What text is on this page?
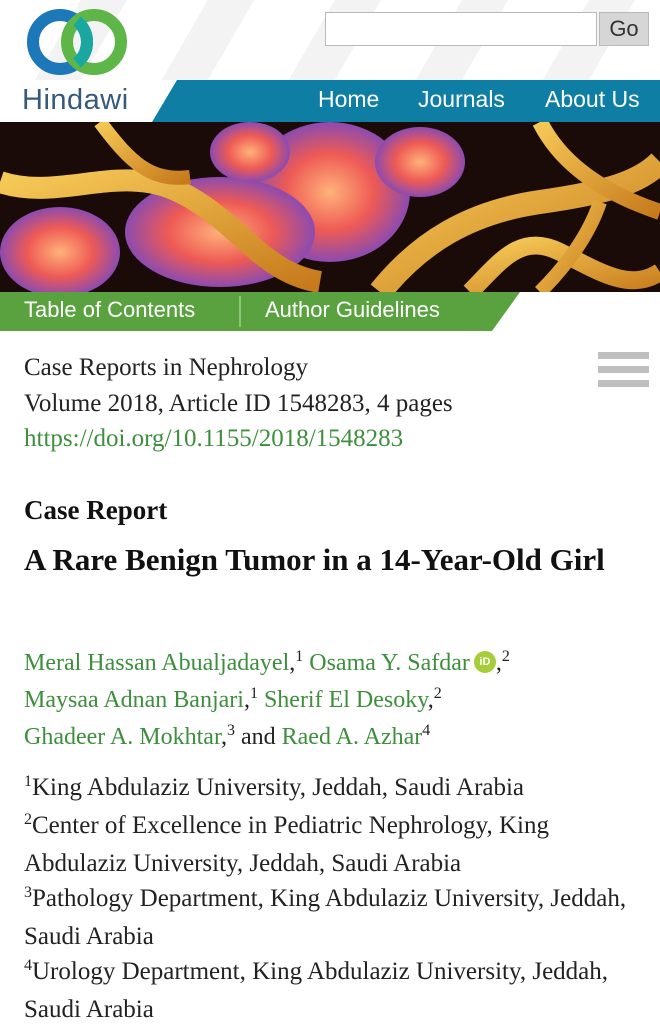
Hindawi
Go
Home Journals About Us
Table of Contents	Author Guidelines
Case Reports in Nephrology
Volume 2018, Article ID 1548283, 4 pages
https://doi.org/10.1155/2018/1548283
Case Report
A Rare Benign Tumor in a 14-Year-Old Girl
Meral Hassan Abualjadayel,$^1$ Osama Y. Safdar iD ,$^2$
Maysaa Adnan Banjari,$^1$ Sherif El Desoky,$^2$
Ghadeer A. Mokhtar,$^3$ and Raed A. Azhar$^4$
$^1$King Abdulaziz University, Jeddah, Saudi Arabia
$^2$Center of Excellence in Pediatric Nephrology, King Abdulaziz University, Jeddah, Saudi Arabia
$^3$Pathology Department, King Abdulaziz University, Jeddah, Saudi Arabia
$^4$Urology Department, King Abdulaziz University, Jeddah, Saudi Arabia
